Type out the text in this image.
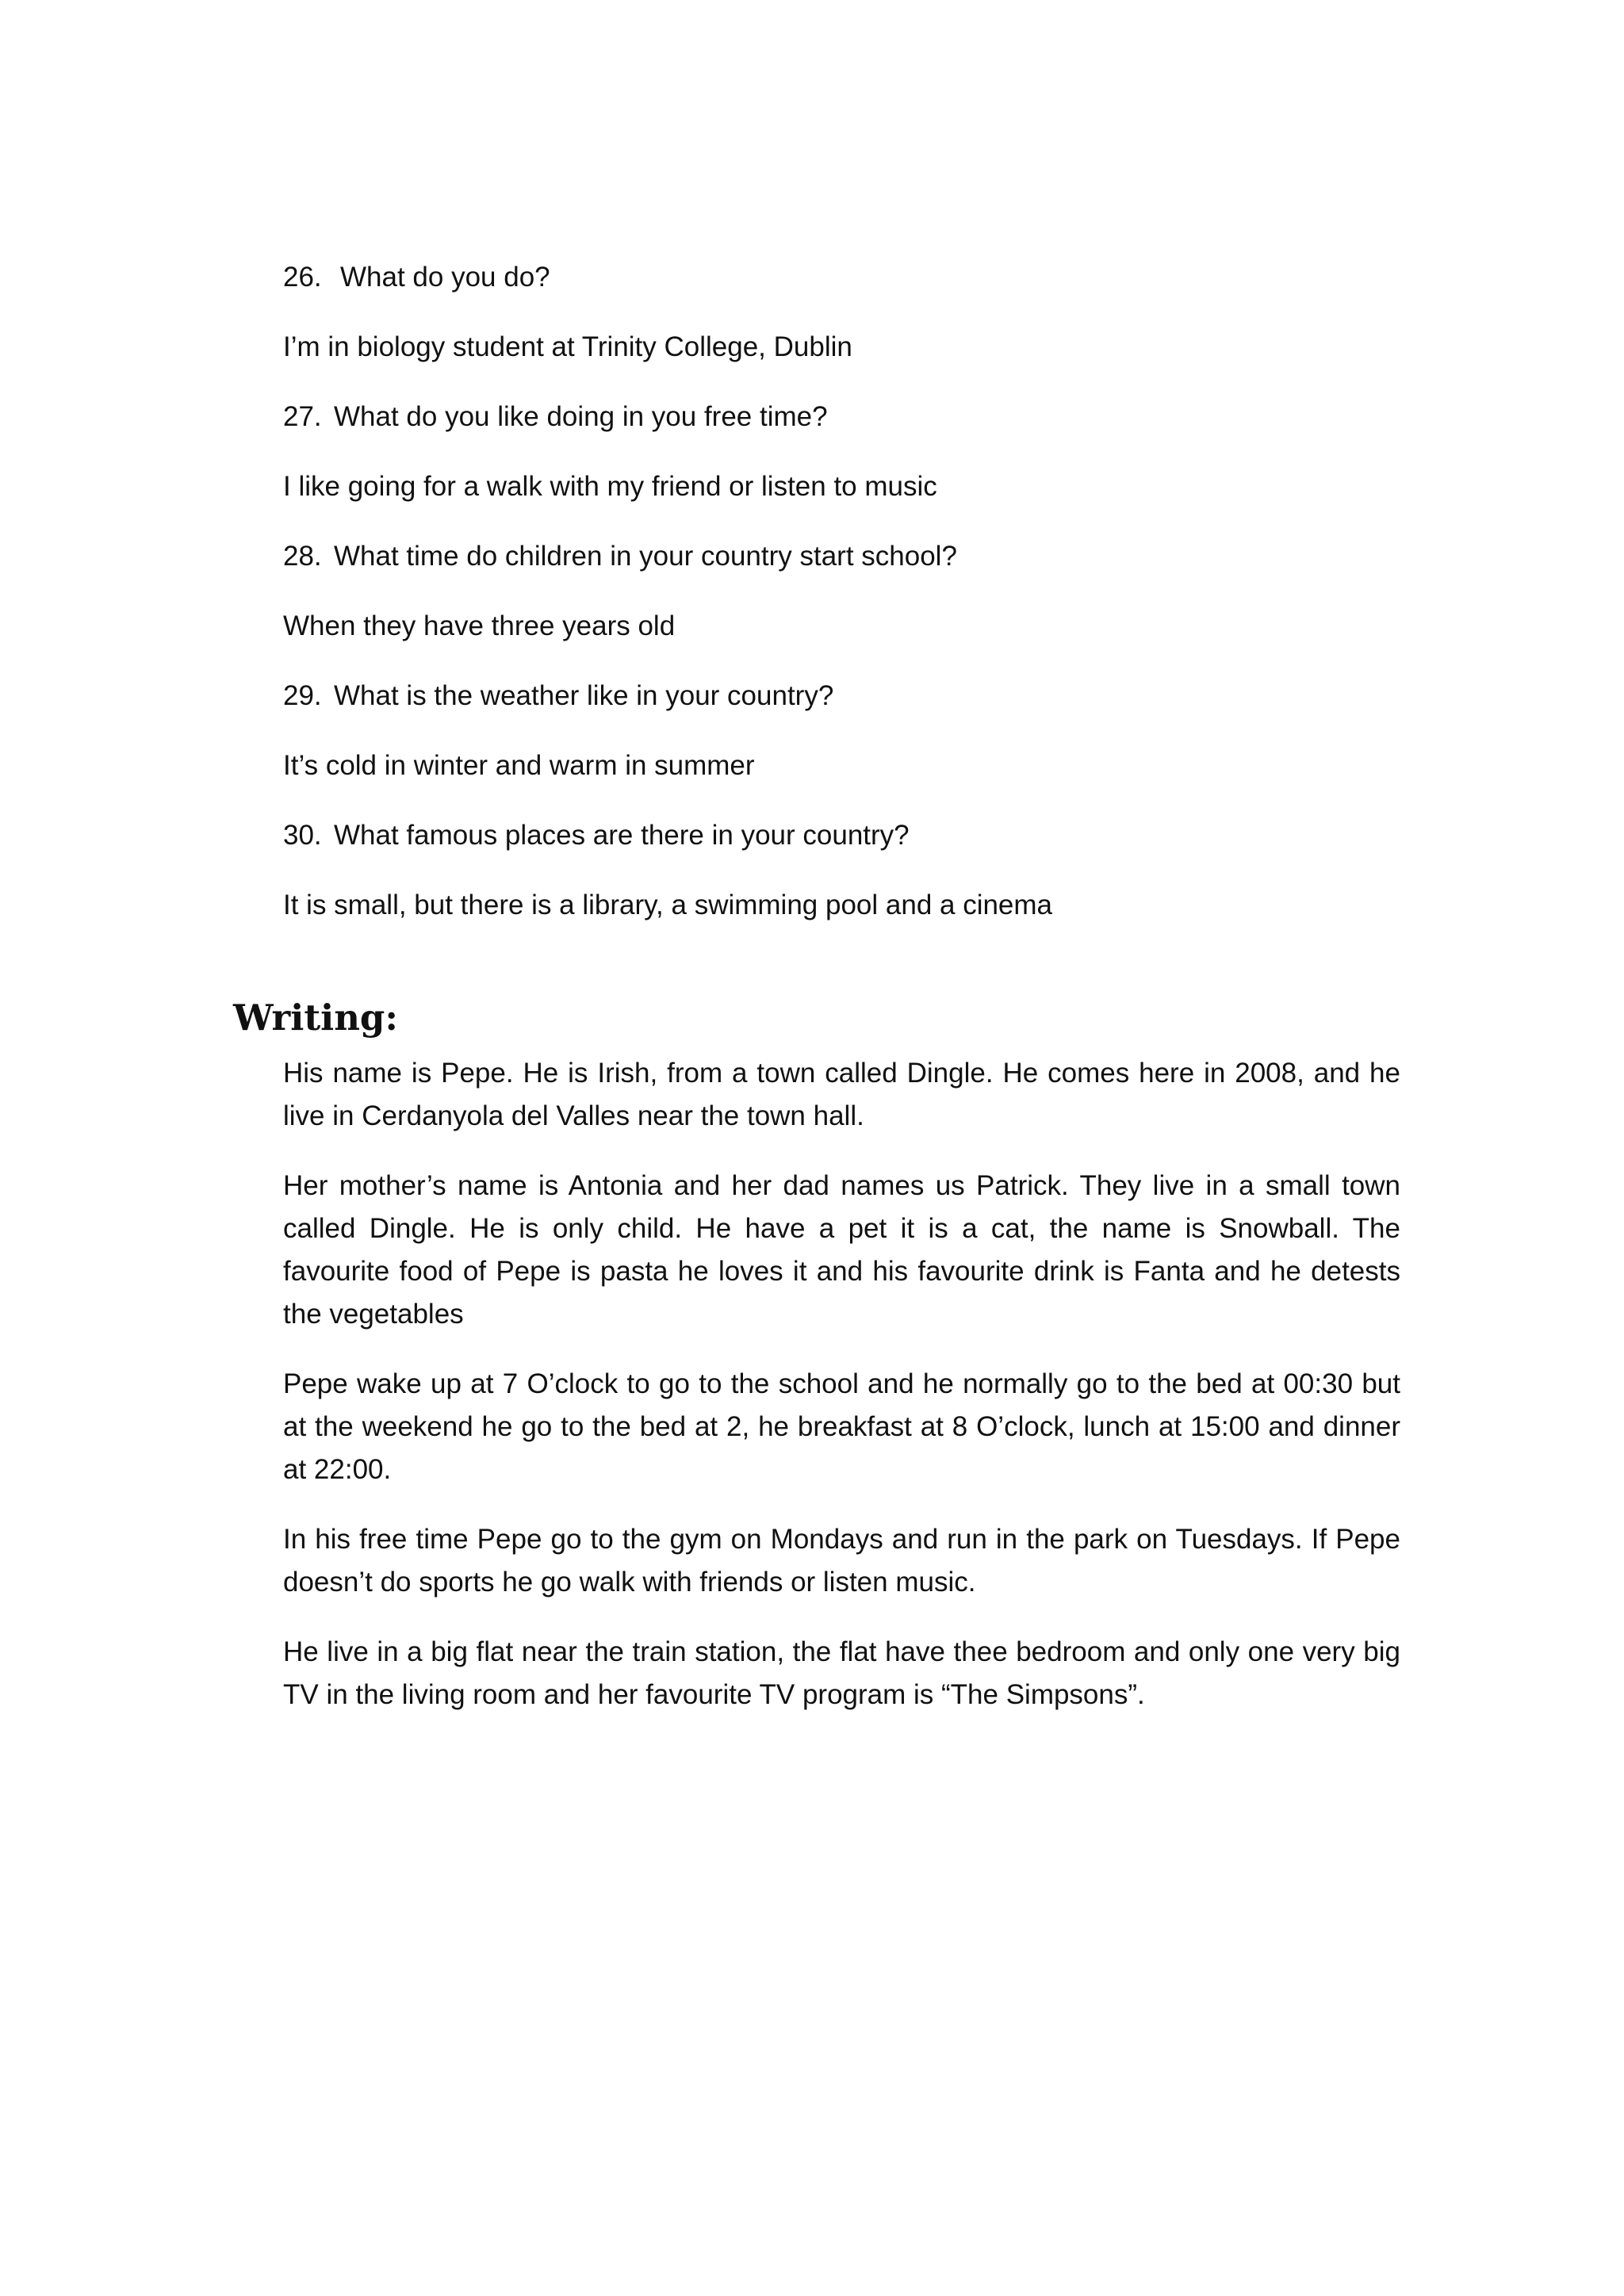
26. What do you do?
I’m in biology student at Trinity College, Dublin
27. What do you like doing in you free time?
I like going for a walk with my friend or listen to music
28. What time do children in your country start school?
When they have three years old
29. What is the weather like in your country?
It’s cold in winter and warm in summer
30. What famous places are there in your country?
It is small, but there is a library, a swimming pool and a cinema
Writing:

His name is Pepe. He is Irish, from a town called Dingle. He comes here in 2008, and he live in Cerdanyola del Valles near the town hall.

Her mother’s name is Antonia and her dad names us Patrick. They live in a small town called Dingle. He is only child. He have a pet it is a cat, the name is Snowball. The favourite food of Pepe is pasta he loves it and his favourite drink is Fanta and he detests the vegetables

Pepe wake up at 7 O’clock to go to the school and he normally go to the bed at 00:30 but at the weekend he go to the bed at 2, he breakfast at 8 O’clock, lunch at 15:00 and dinner at 22:00.

In his free time Pepe go to the gym on Mondays and run in the park on Tuesdays. If Pepe doesn’t do sports he go walk with friends or listen music.

He live in a big flat near the train station, the flat have thee bedroom and only one very big TV in the living room and her favourite TV program is “The Simpsons”.
